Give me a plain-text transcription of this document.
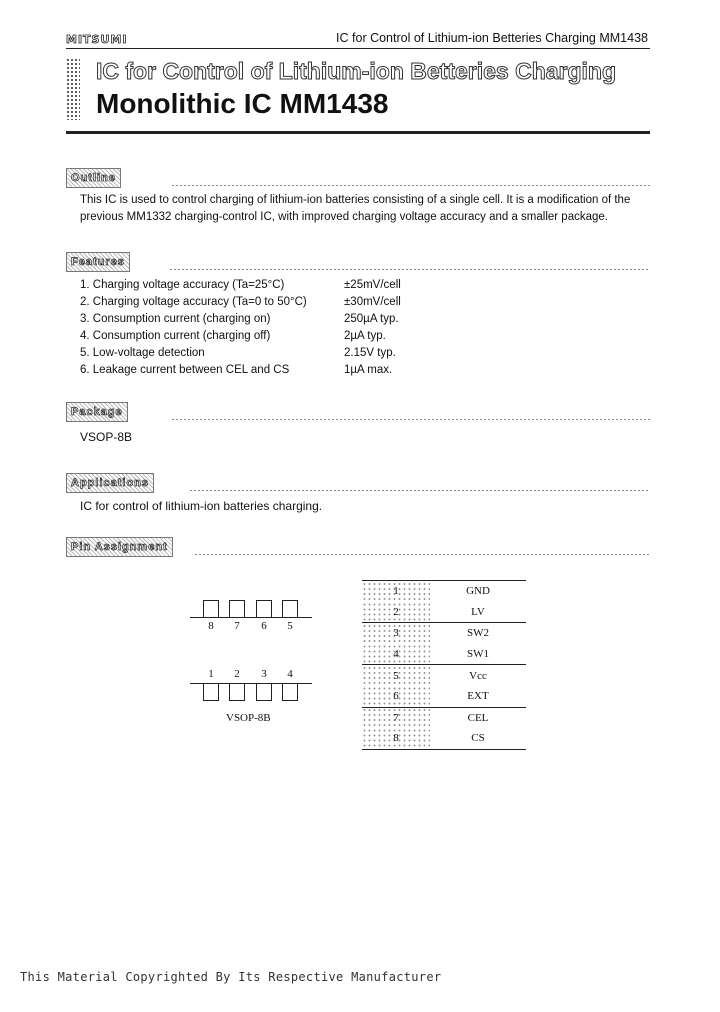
MITSUMI	IC for Control of Lithium-ion Betteries Charging MM1438
IC for Control of Lithium-ion Betteries Charging
Monolithic IC MM1438
Outline
This IC is used to control charging of lithium-ion batteries consisting of a single cell. It is a modification of the previous MM1332 charging-control IC, with improved charging voltage accuracy and a smaller package.
Features
1. Charging voltage accuracy (Ta=25°C)	±25mV/cell
2. Charging voltage accuracy (Ta=0 to 50°C)	±30mV/cell
3. Consumption current (charging on)	250µA typ.
4. Consumption current (charging off)	2µA typ.
5. Low-voltage detection	2.15V typ.
6. Leakage current between CEL and CS	1µA max.
Package
VSOP-8B
Applications
IC for control of lithium-ion batteries charging.
Pin Assignment
8	7	6	5
1	2	3	4
VSOP-8B
1	GND
2	LV
3	SW2
4	SW1
5	Vcc
6	EXT
7	CEL
8	CS
This Material Copyrighted By Its Respective Manufacturer
